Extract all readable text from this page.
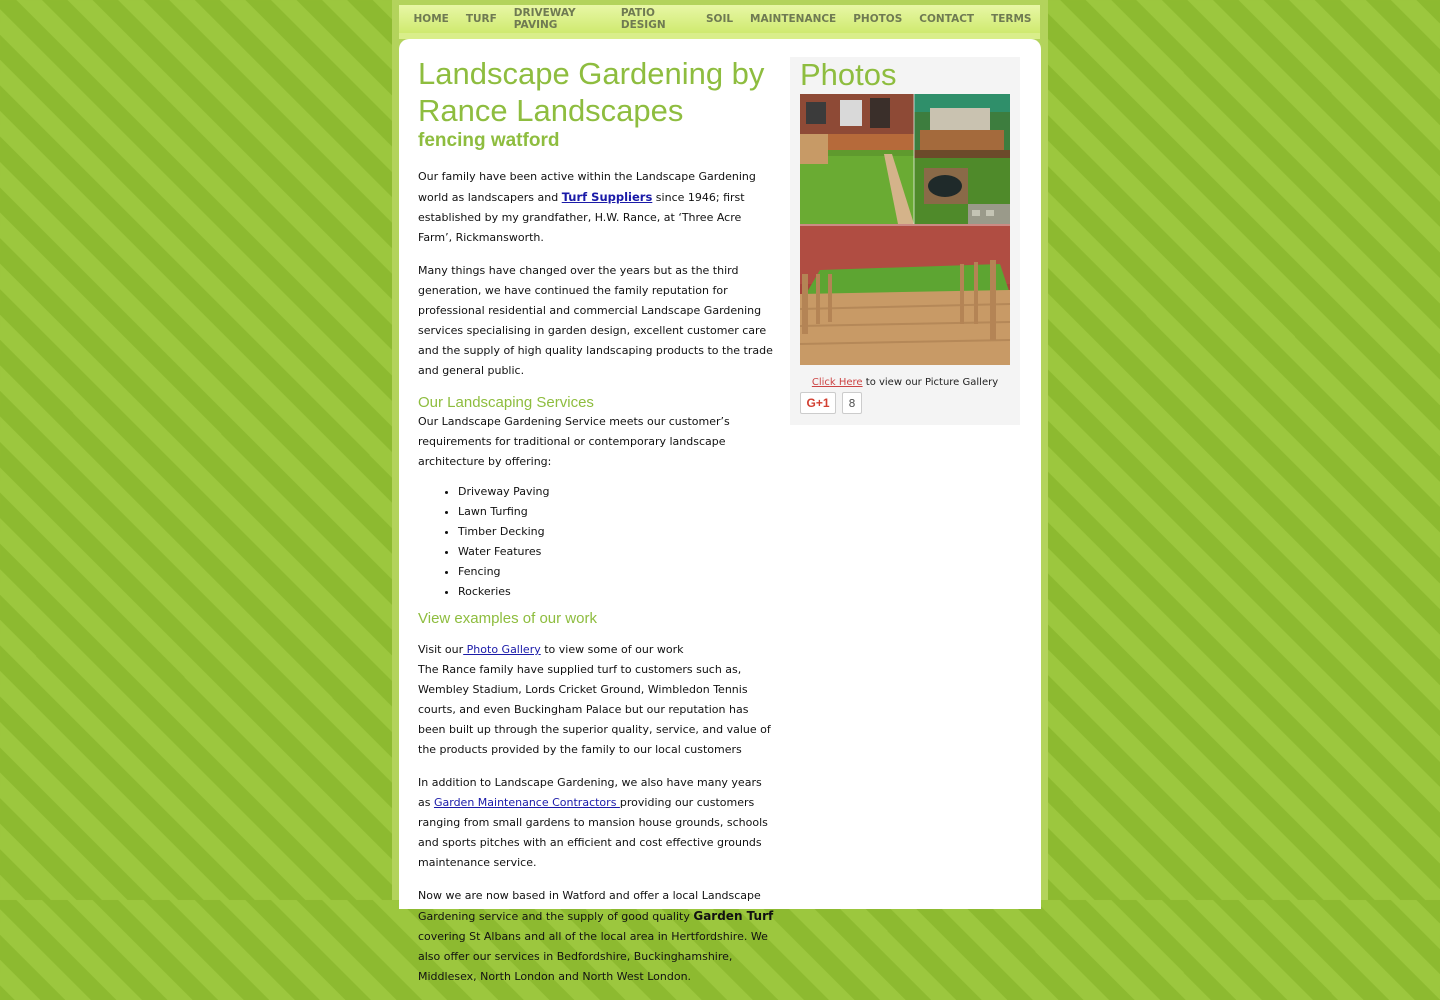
HOME	TURF	DRIVEWAY PAVING
PATIO DESIGN	SOIL	MAINTENANCE	PHOTOS	CONTACT	TERMS
Landscape Gardening by Rance Landscapes
fencing watford

Our family have been active within the Landscape Gardening world as landscapers and Turf Suppliers since 1946; first established by my grandfather, H.W. Rance, at ‘Three Acre Farm’, Rickmansworth.

Many things have changed over the years but as the third generation, we have continued the family reputation for professional residential and commercial Landscape Gardening services specialising in garden design, excellent customer care and the supply of high quality landscaping products to the trade and general public.

Our Landscaping Services

Our Landscape Gardening Service meets our customer’s requirements for traditional or contemporary landscape architecture by offering:

• Driveway Paving
• Lawn Turfing
• Timber Decking
• Water Features
• Fencing
• Rockeries
View examples of our work

Visit our Photo Gallery to view some of our work

The Rance family have supplied turf to customers such as, Wembley Stadium, Lords Cricket Ground, Wimbledon Tennis courts, and even Buckingham Palace but our reputation has been built up through the superior quality, service, and value of the products provided by the family to our local customers

In addition to Landscape Gardening, we also have many years as Garden Maintenance Contractors providing our customers ranging from small gardens to mansion house grounds, schools and sports pitches with an efficient and cost effective grounds maintenance service.

Now we are now based in Watford and offer a local Landscape Gardening service and the supply of good quality Garden Turf covering St Albans and all of the local area in Hertfordshire. We also offer our services in Bedfordshire, Buckinghamshire, Middlesex, North London and North West London.

Photos
Click Here to view our Picture Gallery
G+1	8
